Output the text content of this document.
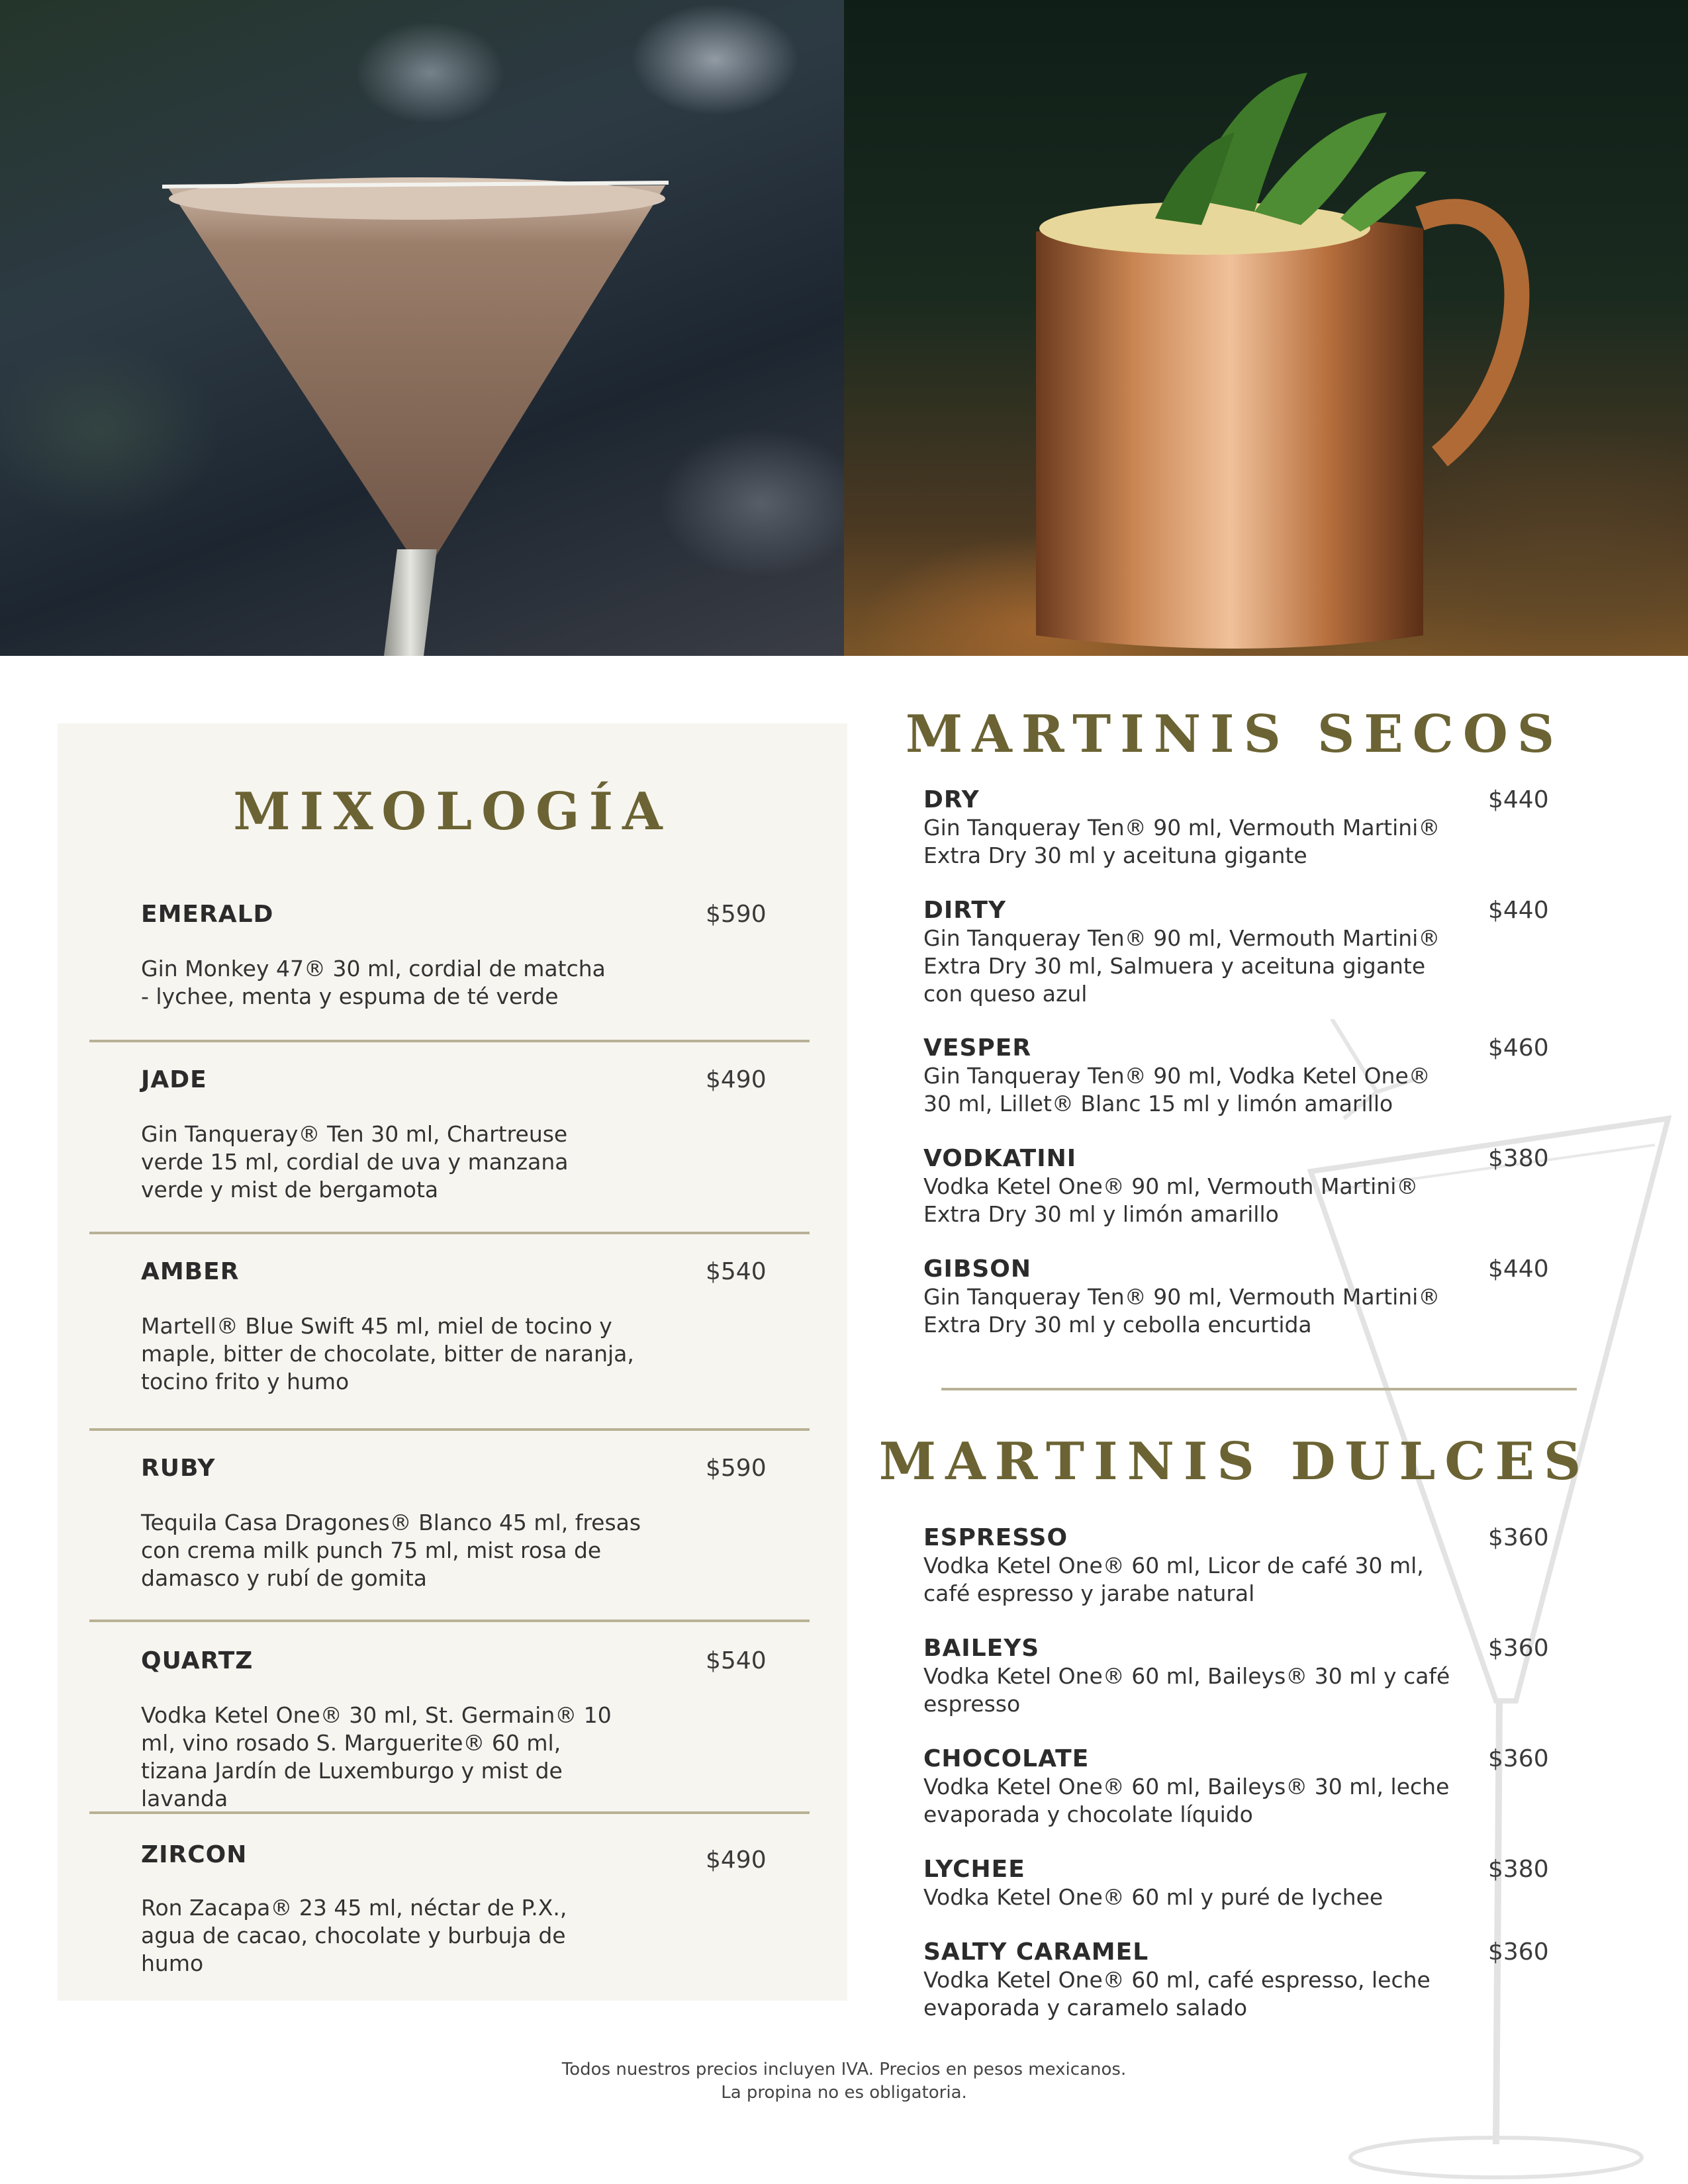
MIXOLOGÍA
EMERALD	$590
Gin Monkey 47® 30 ml, cordial de matcha - lychee, menta y espuma de té verde
JADE	$490
Gin Tanqueray® Ten 30 ml, Chartreuse verde 15 ml, cordial de uva y manzana verde y mist de bergamota
AMBER	$540
Martell® Blue Swift 45 ml, miel de tocino y maple, bitter de chocolate, bitter de naranja, tocino frito y humo
RUBY	$590
Tequila Casa Dragones® Blanco 45 ml, fresas con crema milk punch 75 ml, mist rosa de damasco y rubí de gomita
QUARTZ	$540
Vodka Ketel One® 30 ml, St. Germain® 10 ml, vino rosado S. Marguerite® 60 ml, tizana Jardín de Luxemburgo y mist de lavanda
ZIRCON	$490
Ron Zacapa® 23 45 ml, néctar de P.X., agua de cacao, chocolate y burbuja de humo
MARTINIS SECOS
DRY	$440
Gin Tanqueray Ten® 90 ml, Vermouth Martini® Extra Dry 30 ml y aceituna gigante
DIRTY	$440
Gin Tanqueray Ten® 90 ml, Vermouth Martini® Extra Dry 30 ml, Salmuera y aceituna gigante con queso azul
VESPER	$460
Gin Tanqueray Ten® 90 ml, Vodka Ketel One® 30 ml, Lillet® Blanc 15 ml y limón amarillo
VODKATINI	$380
Vodka Ketel One® 90 ml, Vermouth Martini® Extra Dry 30 ml y limón amarillo
GIBSON	$440
Gin Tanqueray Ten® 90 ml, Vermouth Martini® Extra Dry 30 ml y cebolla encurtida
MARTINIS DULCES
ESPRESSO	$360
Vodka Ketel One® 60 ml, Licor de café 30 ml, café espresso y jarabe natural
BAILEYS	$360
Vodka Ketel One® 60 ml, Baileys® 30 ml y café espresso
CHOCOLATE	$360
Vodka Ketel One® 60 ml, Baileys® 30 ml, leche evaporada y chocolate líquido
LYCHEE	$380
Vodka Ketel One® 60 ml y puré de lychee
SALTY CARAMEL	$360
Vodka Ketel One® 60 ml, café espresso, leche evaporada y caramelo salado
Todos nuestros precios incluyen IVA. Precios en pesos mexicanos.
La propina no es obligatoria.
